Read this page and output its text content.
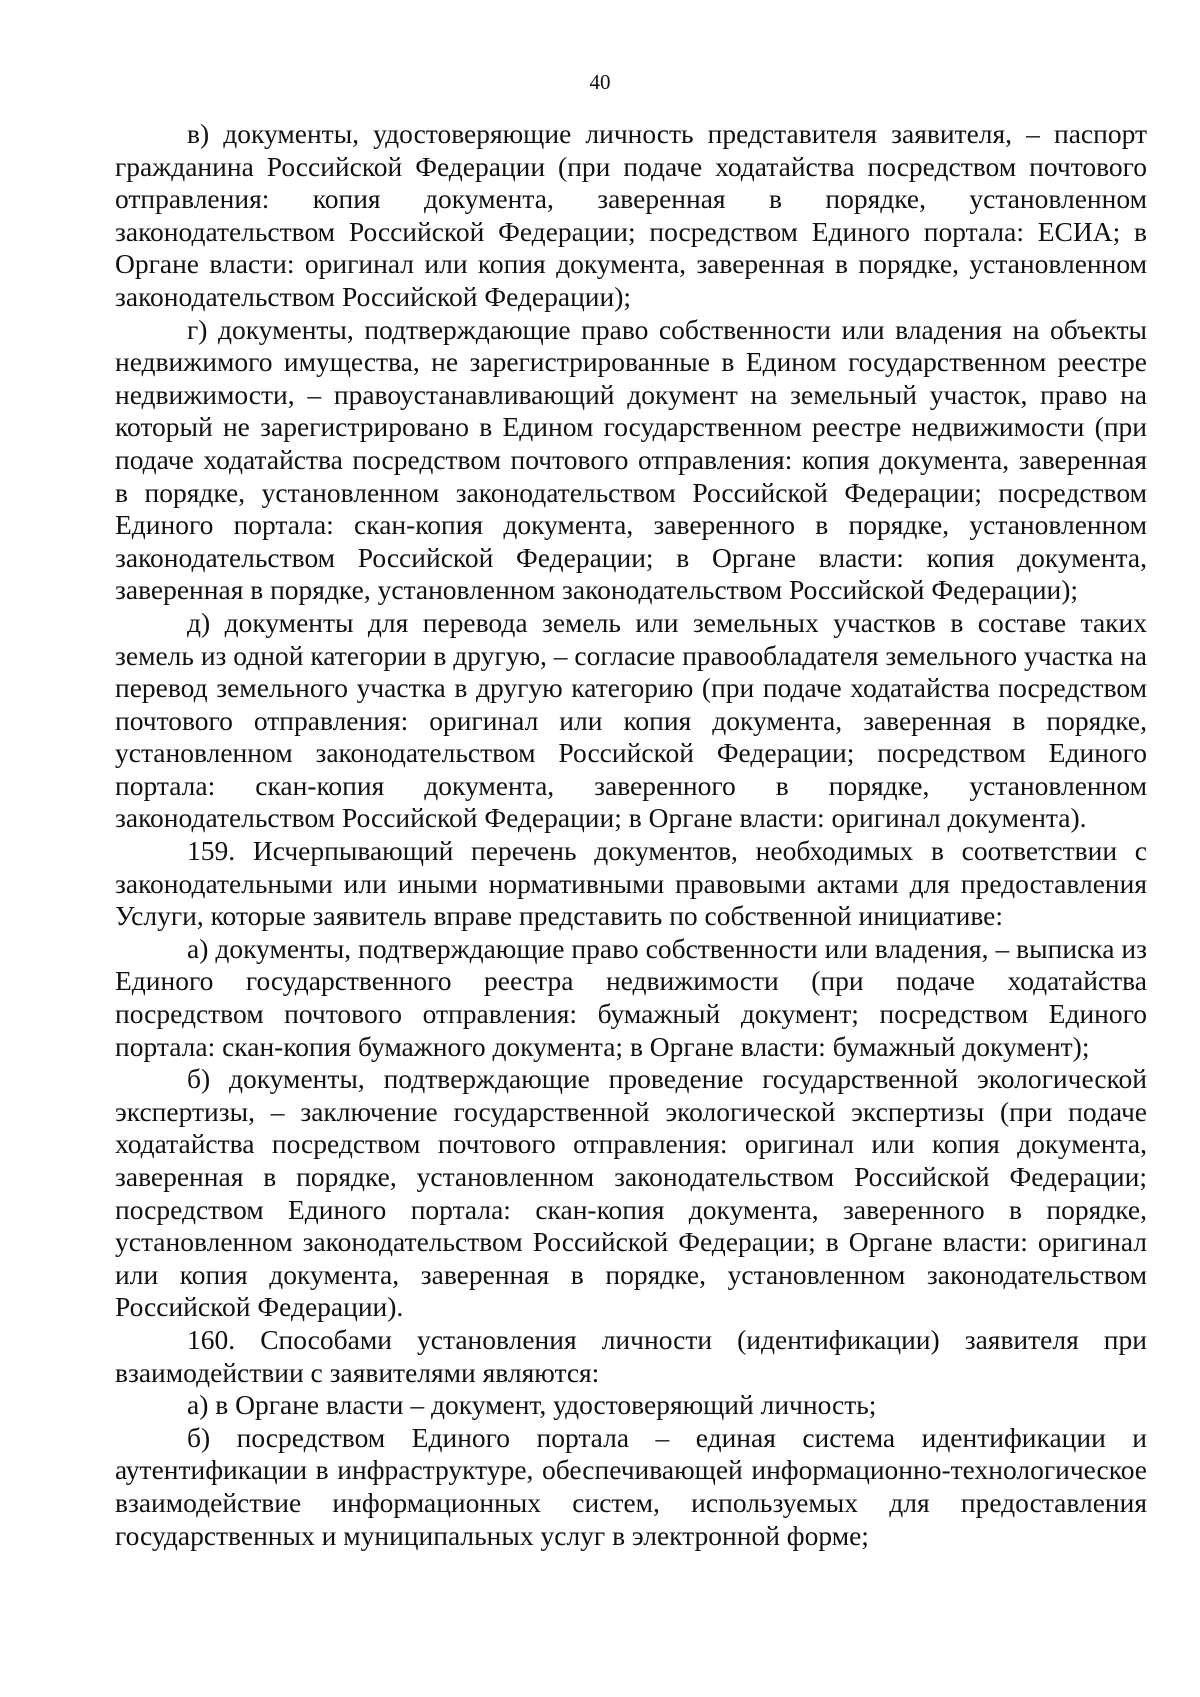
40

в) документы, удостоверяющие личность представителя заявителя, – паспорт гражданина Российской Федерации (при подаче ходатайства посредством почтового отправления: копия документа, заверенная в порядке, установленном законодательством Российской Федерации; посредством Единого портала: ЕСИА; в Органе власти: оригинал или копия документа, заверенная в порядке, установленном законодательством Российской Федерации);

г) документы, подтверждающие право собственности или владения на объекты недвижимого имущества, не зарегистрированные в Едином государственном реестре недвижимости, – правоустанавливающий документ на земельный участок, право на который не зарегистрировано в Едином государственном реестре недвижимости (при подаче ходатайства посредством почтового отправления: копия документа, заверенная в порядке, установленном законодательством Российской Федерации; посредством Единого портала: скан-копия документа, заверенного в порядке, установленном законодательством Российской Федерации; в Органе власти: копия документа, заверенная в порядке, установленном законодательством Российской Федерации);

д) документы для перевода земель или земельных участков в составе таких земель из одной категории в другую, – согласие правообладателя земельного участка на перевод земельного участка в другую категорию (при подаче ходатайства посредством почтового отправления: оригинал или копия документа, заверенная в порядке, установленном законодательством Российской Федерации; посредством Единого портала: скан-копия документа, заверенного в порядке, установленном законодательством Российской Федерации; в Органе власти: оригинал документа).

159. Исчерпывающий перечень документов, необходимых в соответствии с законодательными или иными нормативными правовыми актами для предоставления Услуги, которые заявитель вправе представить по собственной инициативе:

а) документы, подтверждающие право собственности или владения, – выписка из Единого государственного реестра недвижимости (при подаче ходатайства посредством почтового отправления: бумажный документ; посредством Единого портала: скан-копия бумажного документа; в Органе власти: бумажный документ);

б) документы, подтверждающие проведение государственной экологической экспертизы, – заключение государственной экологической экспертизы (при подаче ходатайства посредством почтового отправления: оригинал или копия документа, заверенная в порядке, установленном законодательством Российской Федерации; посредством Единого портала: скан-копия документа, заверенного в порядке, установленном законодательством Российской Федерации; в Органе власти: оригинал или копия документа, заверенная в порядке, установленном законодательством Российской Федерации).

160. Способами установления личности (идентификации) заявителя при взаимодействии с заявителями являются:

а) в Органе власти – документ, удостоверяющий личность;

б) посредством Единого портала – единая система идентификации и аутентификации в инфраструктуре, обеспечивающей информационно-технологическое взаимодействие информационных систем, используемых для предоставления государственных и муниципальных услуг в электронной форме;
